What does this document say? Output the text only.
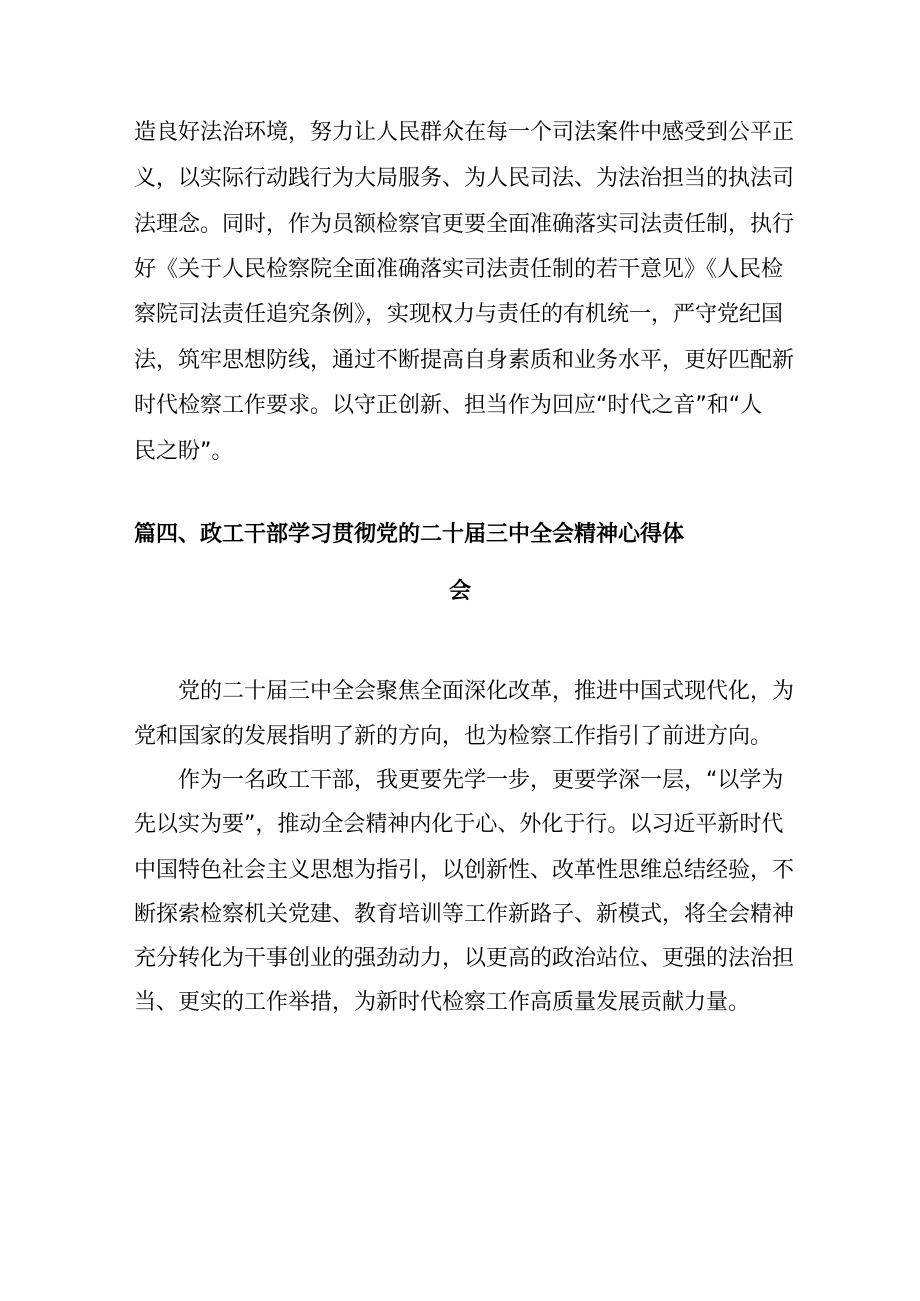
造良好法治环境，努力让人民群众在每一个司法案件中感受到公平正

义，以实际行动践行为大局服务、为人民司法、为法治担当的执法司

法理念。同时，作为员额检察官更要全面准确落实司法责任制，执行

好《关于人民检察院全面准确落实司法责任制的若干意见》《人民检

察院司法责任追究条例》，实现权力与责任的有机统一，严守党纪国

法，筑牢思想防线，通过不断提高自身素质和业务水平，更好匹配新

时代检察工作要求。以守正创新、担当作为回应“时代之音”和“人

民之盼”。

篇四、政工干部学习贯彻党的二十届三中全会精神心得体
会

党的二十届三中全会聚焦全面深化改革，推进中国式现代化，为

党和国家的发展指明了新的方向，也为检察工作指引了前进方向。

作为一名政工干部，我更要先学一步，更要学深一层，“以学为

先以实为要”，推动全会精神内化于心、外化于行。以习近平新时代

中国特色社会主义思想为指引，以创新性、改革性思维总结经验，不

断探索检察机关党建、教育培训等工作新路子、新模式，将全会精神

充分转化为干事创业的强劲动力，以更高的政治站位、更强的法治担

当、更实的工作举措，为新时代检察工作高质量发展贡献力量。
